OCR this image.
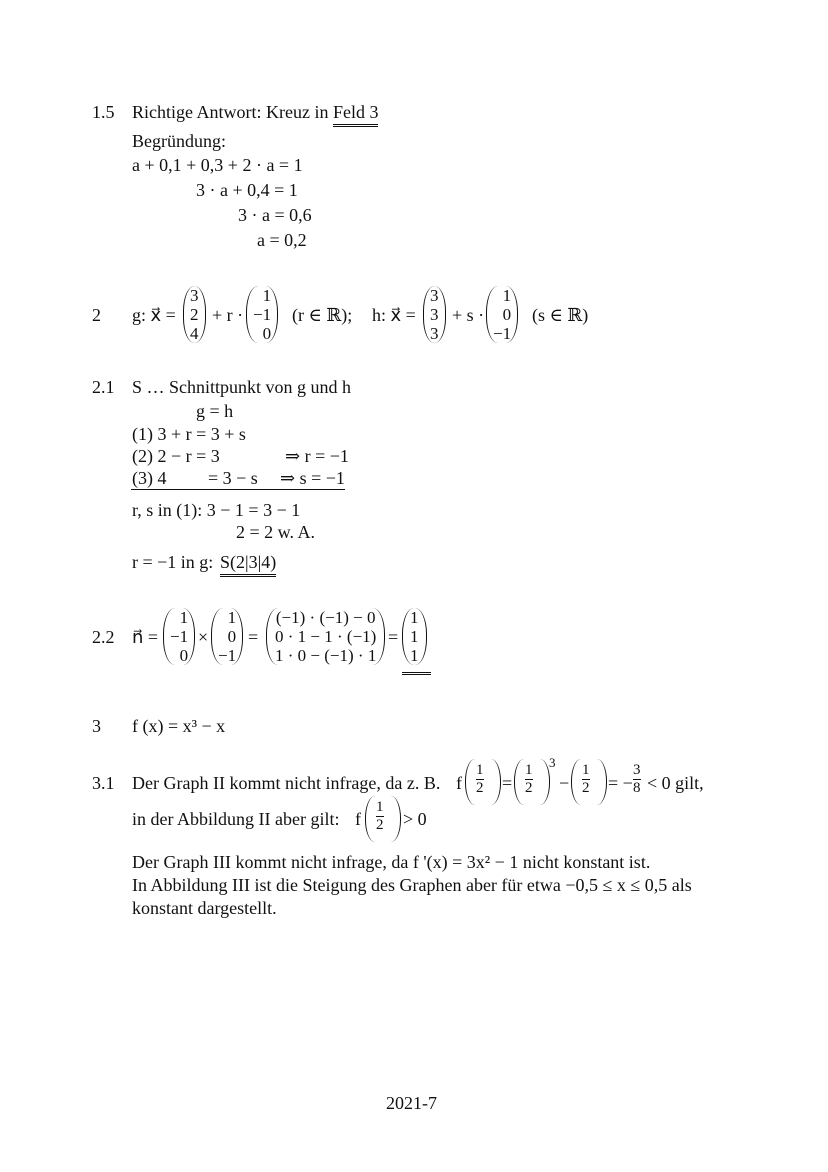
1.5 Richtige Antwort: Kreuz in Feld 3
Begründung:
a + 0,1 + 0,3 + 2 · a = 1
3 · a + 0,4 = 1
3 · a = 0,6
a = 0,2
2 g: x⃗ =
3
2
4
+ r ·
1
−1
0
(r ∈ ℝ); h: x⃗ =
3
3
3
+ s ·
1
0
−1
(s ∈ ℝ)
2.1 S … Schnittpunkt von g und h
g = h
(1) 3 + r = 3 + s
(2) 2 − r = 3	⇒ r = −1
(3) 4 = 3 − s ⇒ s = −1
r, s in (1): 3 − 1 = 3 − 1
2 = 2 w. A.
r = −1 in g: S(2|3|4)
2.2 n⃗ =
1
−1
0
×
1
0
−1
=
(−1) · (−1) − 0
0 · 1 − 1 · (−1)
1 · 0 − (−1) · 1
=
1
1
1
3 f (x) = x³ − x
3.1 Der Graph II kommt nicht infrage, da z. B. f
1
2 =
1
2
3
−
1
2 = −
3
8 < 0 gilt,
in der Abbildung II aber gilt: f
1
2 > 0
Der Graph III kommt nicht infrage, da f '(x) = 3x² − 1 nicht konstant ist.
In Abbildung III ist die Steigung des Graphen aber für etwa −0,5 ≤ x ≤ 0,5 als
konstant dargestellt.
2021-7
